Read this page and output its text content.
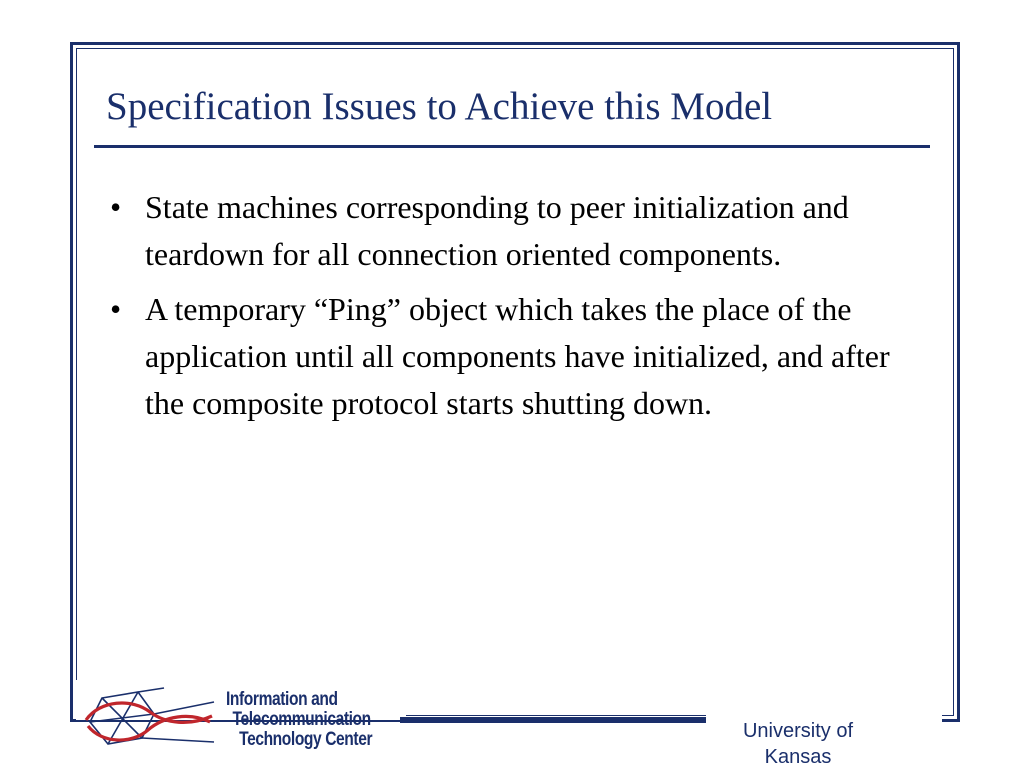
Specification Issues to Achieve this Model
• State machines corresponding to peer initialization and teardown for all connection oriented components.
• A temporary “Ping” object which takes the place of the application until all components have initialized, and after the composite protocol starts shutting down.
Information and
Telecommunication
Technology Center	University of Kansas
